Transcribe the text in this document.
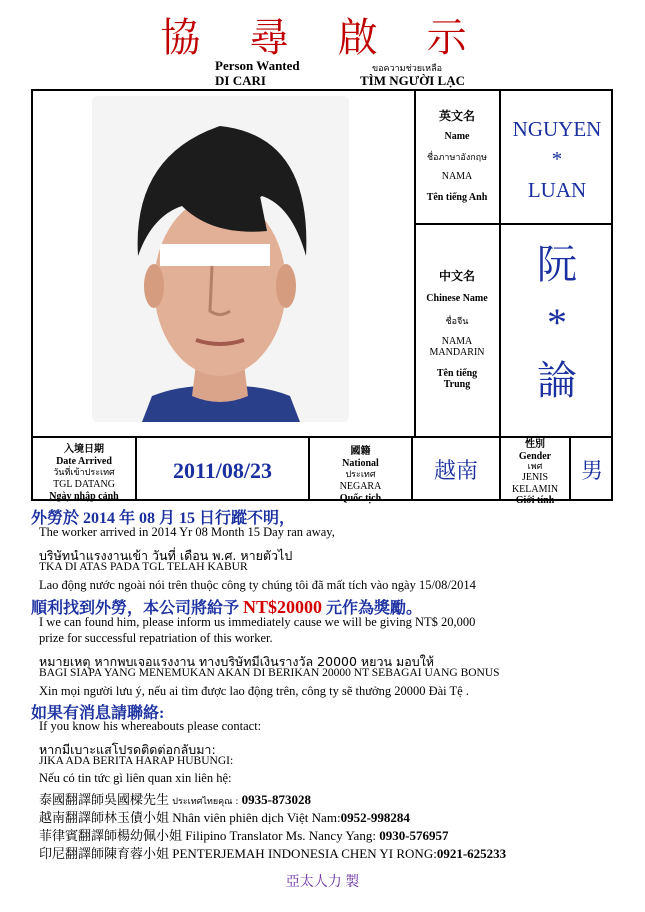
協 尋 啟 示
Person Wanted	ขอความช่วยเหลือ
DI CARI	TÌM NGƯỜI LẠC
英文名
Name
ชื่อภาษาอังกฤษ
NAMA
Tên tiếng Anh
NGUYEN
*
LUAN
中文名
Chinese Name
ชื่อจีน
NAMA MANDARIN
Tên tiếng Trung
阮
*
論
入境日期
Date Arrived
วันที่เข้าประเทศ
TGL DATANG
Ngày nhập cảnh
2011/08/23
國籍
National
ประเทศ
NEGARA
Quốc tịch
越南
性別
Gender
เพศ
JENIS KELAMIN
Giới tính
男
外勞於 2014 年 08 月 15 日行蹤不明，
The worker arrived in 2014 Yr 08 Month 15 Day ran away,
บริษัทนำแรงงานเข้า วันที่ เดือน พ.ศ. หายตัวไป
TKA DI ATAS PADA TGL TELAH KABUR
Lao động nước ngoài nói trên thuộc công ty chúng tôi đã mất tích vào ngày 15/08/2014
順利找到外勞，本公司將給予 NT$20000 元作為獎勵。
I we can found him, please inform us immediately cause we will be giving NT$ 20,000
prize for successful repatriation of this worker.
หมายเหตุ หากพบเจอแรงงาน ทางบริษัทมีเงินรางวัล 20000 หยวน มอบให้
BAGI SIAPA YANG MENEMUKAN AKAN DI BERIKAN 20000 NT SEBAGAI UANG BONUS
Xin mọi người lưu ý, nếu ai tìm được lao động trên, công ty sẽ thưởng 20000 Đài Tệ .
如果有消息請聯絡:
If you know his whereabouts please contact:
หากมีเบาะแสโปรดติดต่อกลับมา:
JIKA ADA BERITA HARAP HUBUNGI:
Nếu có tin tức gì liên quan xin liên hệ:
泰國翻譯師吳國樑先生 ประเทศไทยคุณ : 0935-873028
越南翻譯師林玉債小姐 Nhân viên phiên dịch Việt Nam:0952-998284
菲律賓翻譯師楊幼佩小姐 Filipino Translator Ms. Nancy Yang: 0930-576957
印尼翻譯師陳育蓉小姐 PENTERJEMAH INDONESIA CHEN YI RONG:0921-625233
亞太人力 製
